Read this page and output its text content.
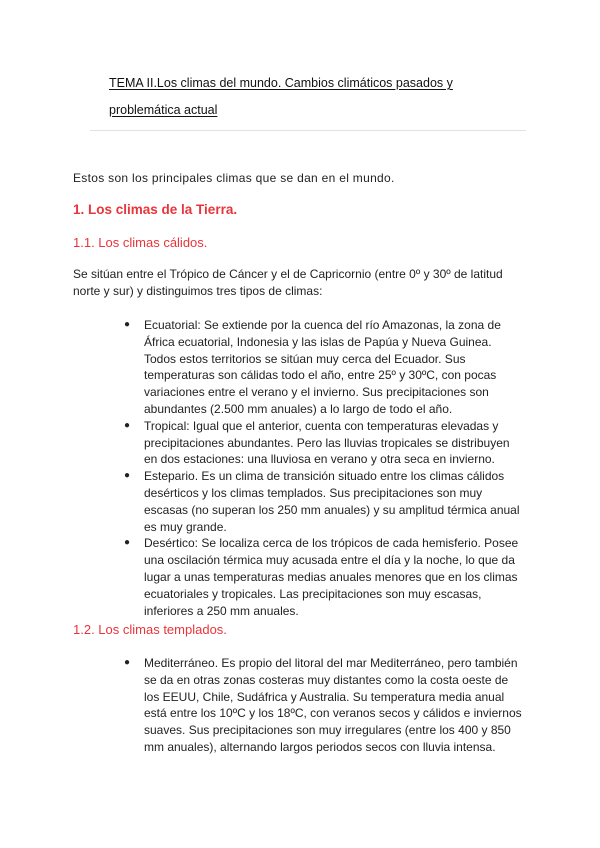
TEMA II.Los climas del mundo. Cambios climáticos pasados y problemática actual
Estos son los principales climas que se dan en el mundo.
1. Los climas de la Tierra.
1.1. Los climas cálidos.
Se sitúan entre el Trópico de Cáncer y el de Capricornio (entre 0º y 30º de latitud norte y sur) y distinguimos tres tipos de climas:
● Ecuatorial: Se extiende por la cuenca del río Amazonas, la zona de África ecuatorial, Indonesia y las islas de Papúa y Nueva Guinea. Todos estos territorios se sitúan muy cerca del Ecuador. Sus temperaturas son cálidas todo el año, entre 25º y 30ºC, con pocas variaciones entre el verano y el invierno. Sus precipitaciones son abundantes (2.500 mm anuales) a lo largo de todo el año.
● Tropical: Igual que el anterior, cuenta con temperaturas elevadas y precipitaciones abundantes. Pero las lluvias tropicales se distribuyen en dos estaciones: una lluviosa en verano y otra seca en invierno.
● Estepario. Es un clima de transición situado entre los climas cálidos desérticos y los climas templados. Sus precipitaciones son muy escasas (no superan los 250 mm anuales) y su amplitud térmica anual es muy grande.
● Desértico: Se localiza cerca de los trópicos de cada hemisferio. Posee una oscilación térmica muy acusada entre el día y la noche, lo que da lugar a unas temperaturas medias anuales menores que en los climas ecuatoriales y tropicales. Las precipitaciones son muy escasas, inferiores a 250 mm anuales.
1.2. Los climas templados.
● Mediterráneo. Es propio del litoral del mar Mediterráneo, pero también se da en otras zonas costeras muy distantes como la costa oeste de los EEUU, Chile, Sudáfrica y Australia. Su temperatura media anual está entre los 10ºC y los 18ºC, con veranos secos y cálidos e inviernos suaves. Sus precipitaciones son muy irregulares (entre los 400 y 850 mm anuales), alternando largos periodos secos con lluvia intensa.
